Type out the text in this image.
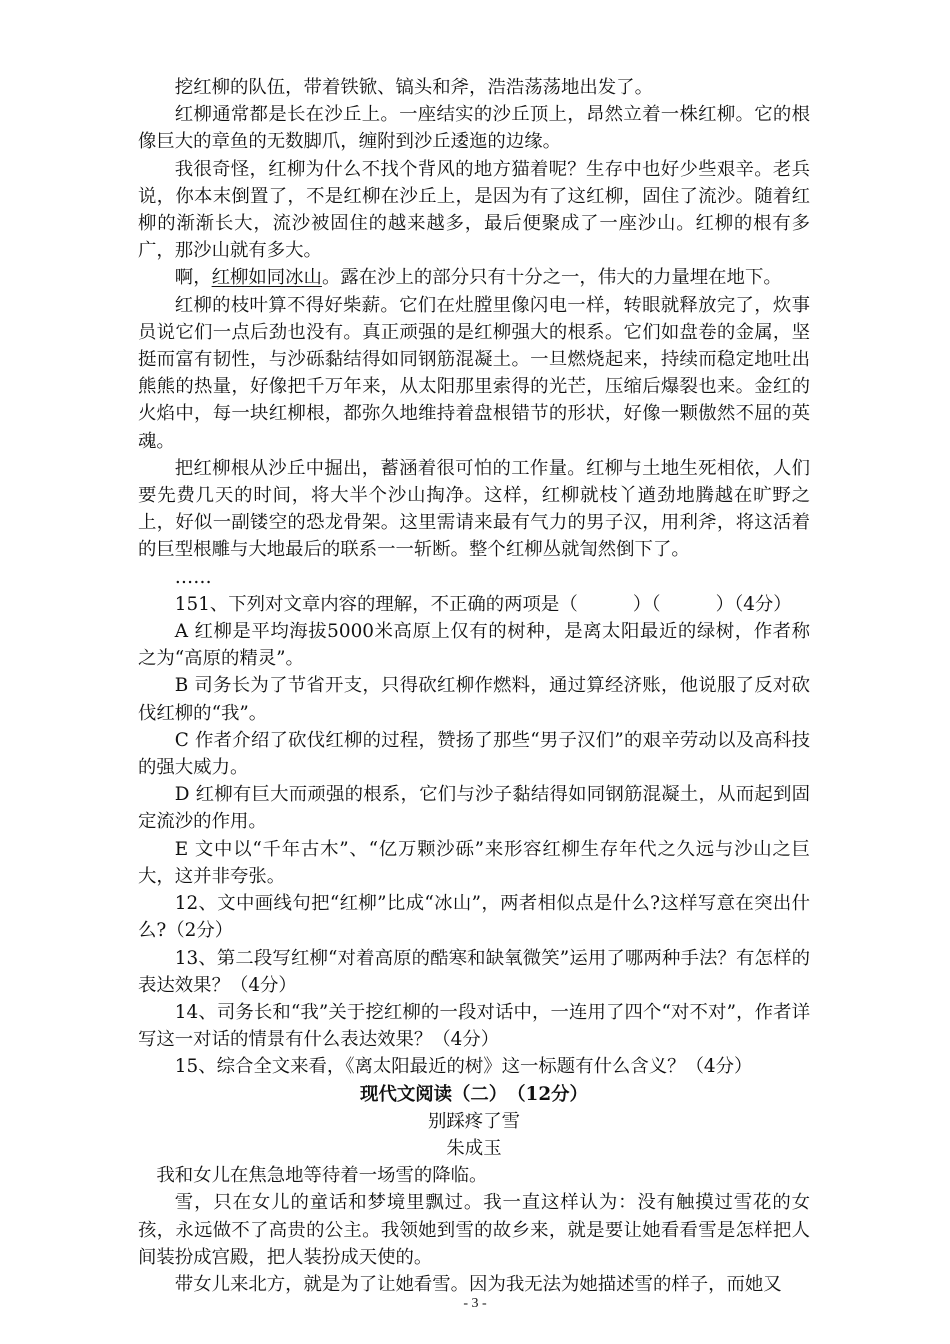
挖红柳的队伍，带着铁锨、镐头和斧，浩浩荡荡地出发了。

红柳通常都是长在沙丘上。一座结实的沙丘顶上，昂然立着一株红柳。它的根像巨大的章鱼的无数脚爪，缠附到沙丘逶迤的边缘。

我很奇怪，红柳为什么不找个背风的地方猫着呢？生存中也好少些艰辛。老兵说，你本末倒置了，不是红柳在沙丘上，是因为有了这红柳，固住了流沙。随着红柳的渐渐长大，流沙被固住的越来越多，最后便聚成了一座沙山。红柳的根有多广，那沙山就有多大。

啊，红柳如同冰山。露在沙上的部分只有十分之一，伟大的力量埋在地下。

红柳的枝叶算不得好柴薪。它们在灶膛里像闪电一样，转眼就释放完了，炊事员说它们一点后劲也没有。真正顽强的是红柳强大的根系。它们如盘卷的金属，坚挺而富有韧性，与沙砾黏结得如同钢筋混凝土。一旦燃烧起来，持续而稳定地吐出熊熊的热量，好像把千万年来，从太阳那里索得的光芒，压缩后爆裂也来。金红的火焰中，每一块红柳根，都弥久地维持着盘根错节的形状，好像一颗傲然不屈的英魂。

把红柳根从沙丘中掘出，蓄涵着很可怕的工作量。红柳与土地生死相依，人们要先费几天的时间，将大半个沙山掏净。这样，红柳就枝丫遒劲地腾越在旷野之上，好似一副镂空的恐龙骨架。这里需请来最有气力的男子汉，用利斧，将这活着的巨型根雕与大地最后的联系一一斩断。整个红柳丛就訇然倒下了。

……

151、下列对文章内容的理解，不正确的两项是（　　　）（　　　）（4分）

A 红柳是平均海拔5000米高原上仅有的树种，是离太阳最近的绿树，作者称之为“高原的精灵”。

B 司务长为了节省开支，只得砍红柳作燃料，通过算经济账，他说服了反对砍伐红柳的“我”。

C 作者介绍了砍伐红柳的过程，赞扬了那些“男子汉们”的艰辛劳动以及高科技的强大威力。

D 红柳有巨大而顽强的根系，它们与沙子黏结得如同钢筋混凝土，从而起到固定流沙的作用。

E 文中以“千年古木”、“亿万颗沙砾”来形容红柳生存年代之久远与沙山之巨大，这并非夸张。

12、文中画线句把“红柳”比成“冰山”，两者相似点是什么?这样写意在突出什么?（2分）

13、第二段写红柳“对着高原的酷寒和缺氧微笑”运用了哪两种手法？有怎样的表达效果？（4分）

14、司务长和“我”关于挖红柳的一段对话中，一连用了四个“对不对”，作者详写这一对话的情景有什么表达效果？（4分）

15、综合全文来看，《离太阳最近的树》这一标题有什么含义？（4分）

现代文阅读（二）　（12分）

别踩疼了雪

朱成玉

我和女儿在焦急地等待着一场雪的降临。

雪，只在女儿的童话和梦境里飘过。我一直这样认为：没有触摸过雪花的女孩，永远做不了高贵的公主。我领她到雪的故乡来，就是要让她看看雪是怎样把人间装扮成宫殿，把人装扮成天使的。

带女儿来北方，就是为了让她看雪。因为我无法为她描述雪的样子，而她又

- 3 -
